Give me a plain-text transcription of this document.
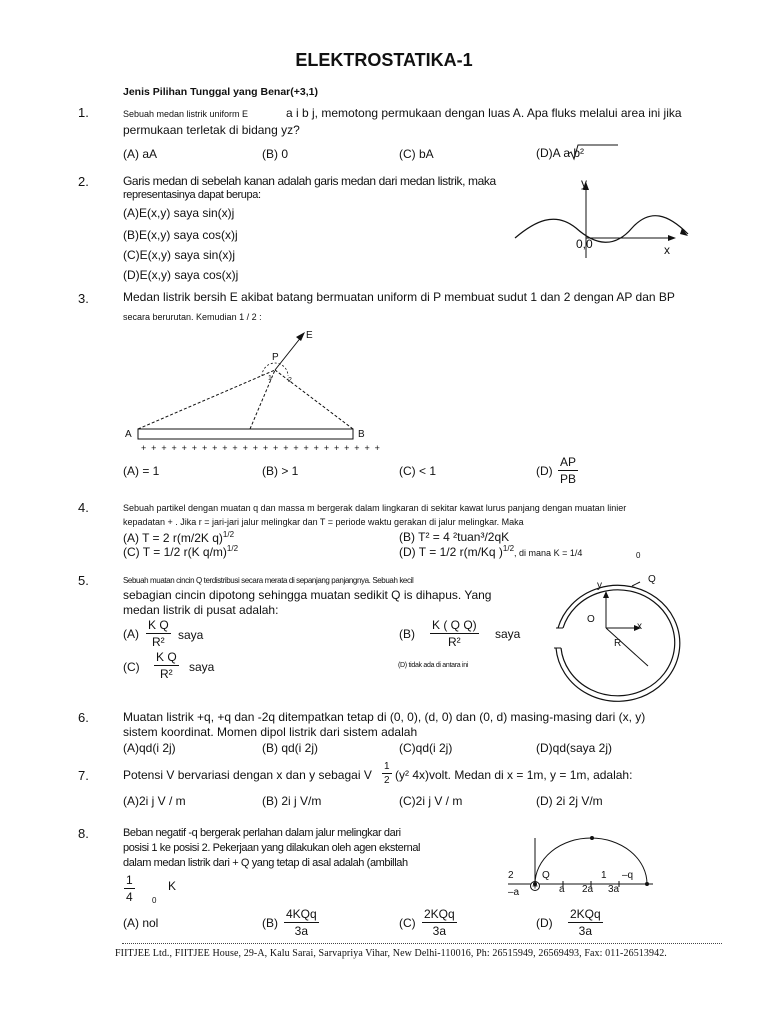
ELEKTROSTATIKA-1
Jenis Pilihan Tunggal yang Benar(+3,1)
1.	Sebuah medan listrik uniform E	a i b j, memotong permukaan dengan luas A. Apa fluks melalui area ini jika
permukaan terletak di bidang yz?
(A) aA	(B) 0	(C) bA	(D)A a b²
2.	Garis medan di sebelah kanan adalah garis medan dari medan listrik, maka
representasinya dapat berupa:
(A)E(x,y) saya sin(x)j
(B)E(x,y) saya cos(x)j
(C)E(x,y) saya sin(x)j
(D)E(x,y) saya cos(x)j
y
x
0,0
3.	Medan listrik bersih E akibat batang bermuatan uniform di P membuat sudut 1 dan 2 dengan AP dan BP
secara berurutan. Kemudian 1 / 2 :
E
P
1 2
A	B
+ + + + + + + + + + + + + + + + + + + + + + + +
(A) = 1	(B) > 1	(C) < 1	(D)
AP
PB
4.	Sebuah partikel dengan muatan q dan massa m bergerak dalam lingkaran di sekitar kawat lurus panjang dengan muatan linier
kepadatan + . Jika r = jari-jari jalur melingkar dan T = periode waktu gerakan di jalur melingkar. Maka
(A) T = 2 r(m/2K q)$^{1/2}$	(B) T² = 4 ²tuan³/2qK
(C) T = 1/2 r(K q/m)$^{1/2}$	(D) T = 1/2 r(m/Kq )$^{1/2}$, di mana K = 1/4	0
5.	Sebuah muatan cincin Q terdistribusi secara merata di sepanjang panjangnya. Sebuah kecil
sebagian cincin dipotong sehingga muatan sedikit Q is dihapus. Yang
medan listrik di pusat adalah:
(A)
K Q
R²	saya	(B)
K ( Q Q)
R²
saya
(C)
K Q
R²	saya	(D) tidak ada di antara ini
Q
y
x
O
R
6.	Muatan listrik +q, +q dan -2q ditempatkan tetap di (0, 0), (d, 0) dan (0, d) masing-masing dari (x, y)
sistem koordinat. Momen dipol listrik dari sistem adalah
(A)qd(i 2j)	(B) qd(i 2j)	(C)qd(i 2j)	(D)qd(saya 2j)
7.	Potensi V bervariasi dengan x dan y sebagai V
1
2 (y² 4x)volt. Medan di x = 1m, y = 1m, adalah:
(A)2i j V / m	(B) 2i j V/m	(C)2i j V / m	(D) 2i 2j V/m
8.	Beban negatif -q bergerak perlahan dalam jalur melingkar dari
posisi 1 ke posisi 2. Pekerjaan yang dilakukan oleh agen eksternal
dalam medan listrik dari + Q yang tetap di asal adalah (ambillah
1
4
K
0
(A) nol	(B)
4KQq
3a
(C)
2KQq
3a
(D)
2KQq
3a
2	1
Q	–q
–a	a 2a 3a
FIITJEE Ltd., FIITJEE House, 29-A, Kalu Sarai, Sarvapriya Vihar, New Delhi-110016, Ph: 26515949, 26569493, Fax: 011-26513942.
